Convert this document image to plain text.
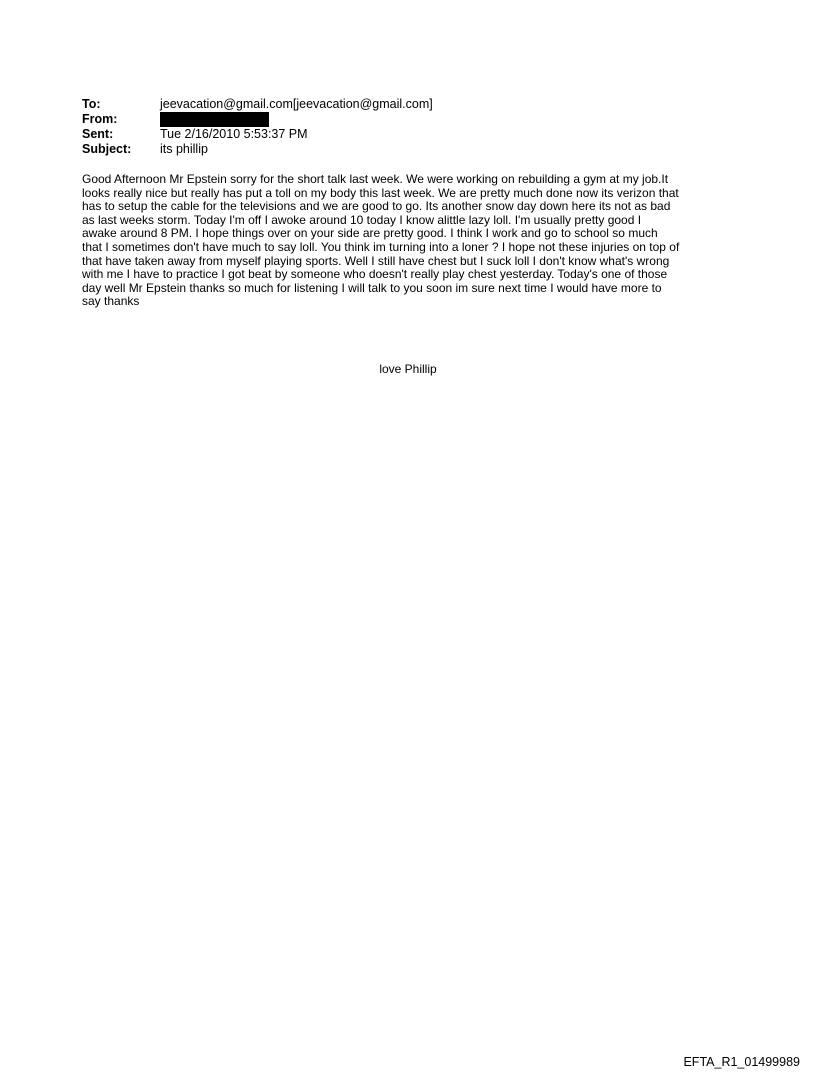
To:	jeevacation@gmail.com[jeevacation@gmail.com]
From:
Sent:	Tue 2/16/2010 5:53:37 PM
Subject:	its phillip

Good Afternoon Mr Epstein sorry for the short talk last week. We were working on rebuilding a gym at my job.It

looks really nice but really has put a toll on my body this last week. We are pretty much done now its verizon that

has to setup the cable for the televisions and we are good to go. Its another snow day down here its not as bad

as last weeks storm. Today I'm off I awoke around 10 today I know alittle lazy loll. I'm usually pretty good I

awake around 8 PM. I hope things over on your side are pretty good. I think I work and go to school so much

that I sometimes don't have much to say loll. You think im turning into a loner ? I hope not these injuries on top of

that have taken away from myself playing sports. Well I still have chest but I suck loll I don't know what's wrong

with me I have to practice I got beat by someone who doesn't really play chest yesterday. Today's one of those

day well Mr Epstein thanks so much for listening I will talk to you soon im sure next time I would have more to

say thanks

love Phillip
EFTA_R1_01499989
